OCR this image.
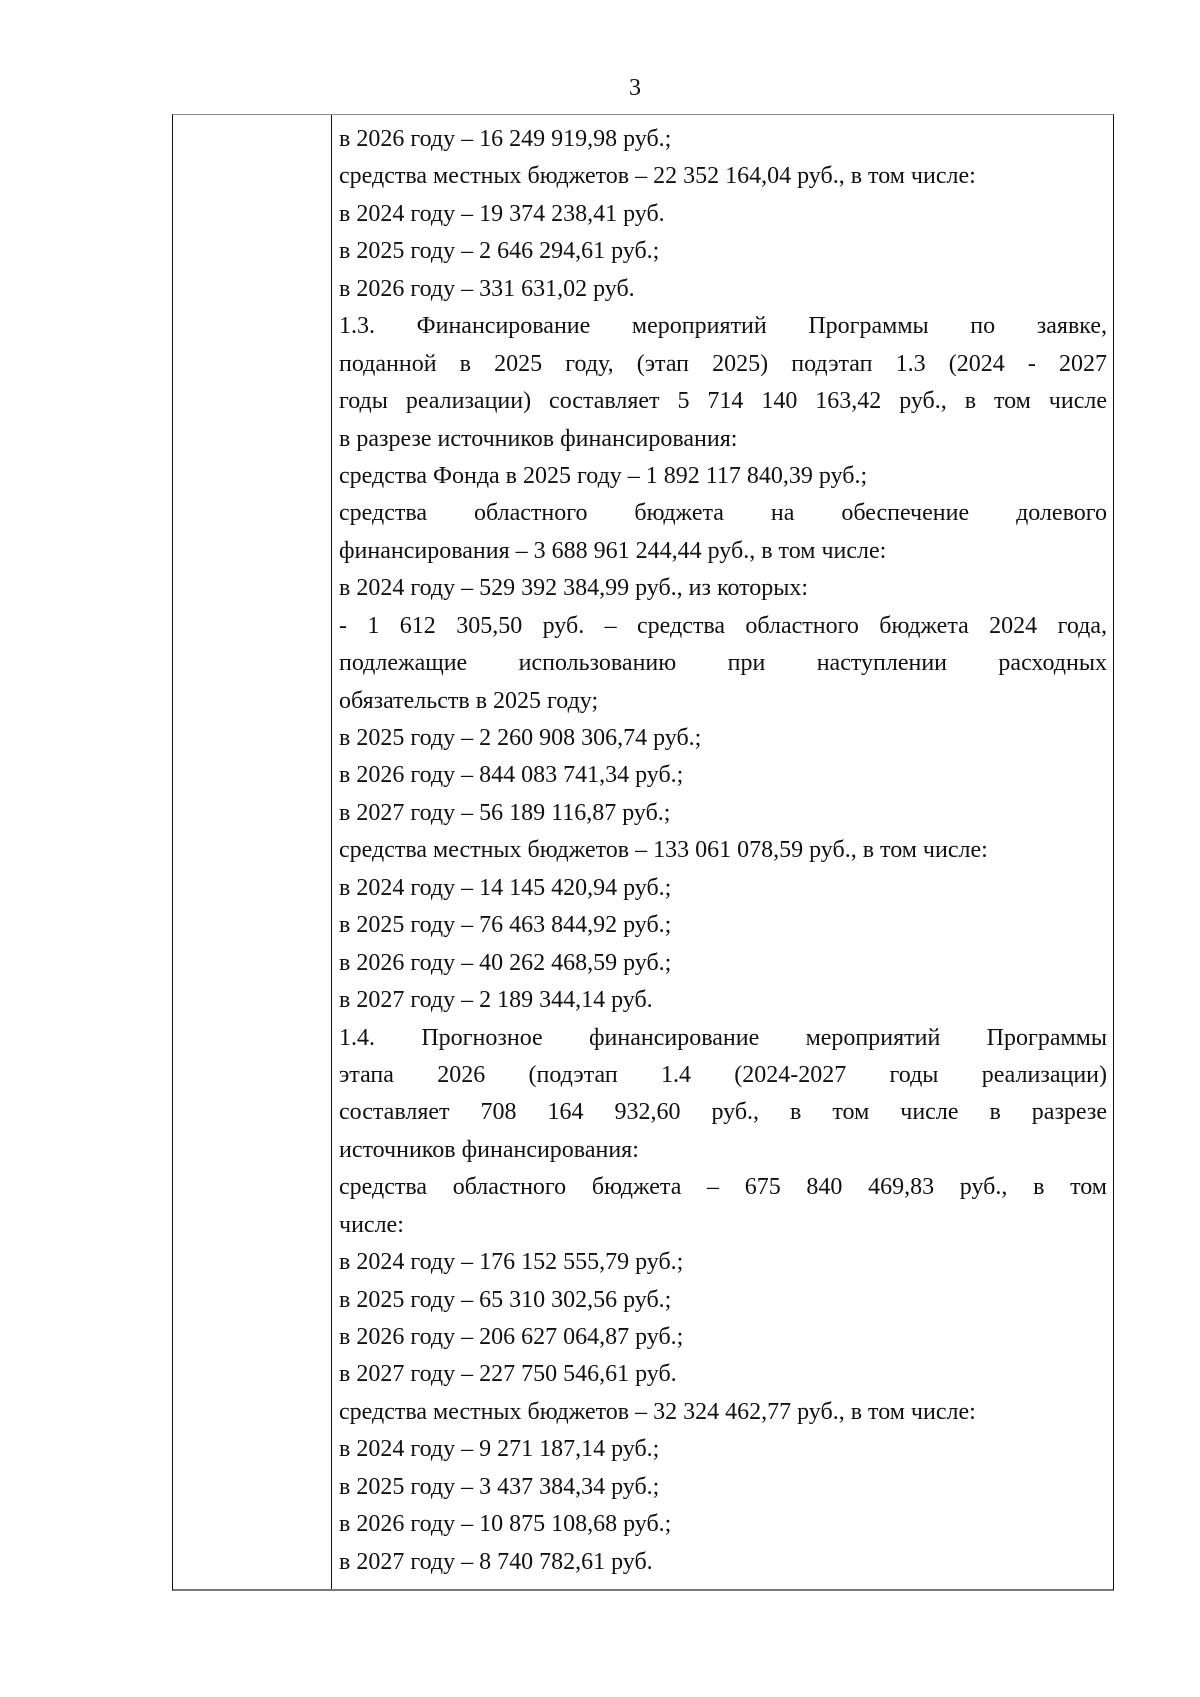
3
в 2026 году – 16 249 919,98 руб.;
средства местных бюджетов – 22 352 164,04 руб., в том числе:
в 2024 году – 19 374 238,41 руб.
в 2025 году – 2 646 294,61 руб.;
в 2026 году – 331 631,02 руб.
1.3. Финансирование мероприятий Программы по заявке,
поданной в 2025 году, (этап 2025) подэтап 1.3 (2024 - 2027
годы реализации) составляет 5 714 140 163,42 руб., в том числе
в разрезе источников финансирования:
средства Фонда в 2025 году – 1 892 117 840,39 руб.;
средства областного бюджета на обеспечение долевого
финансирования – 3 688 961 244,44 руб., в том числе:
в 2024 году – 529 392 384,99 руб., из которых:
- 1 612 305,50 руб. – средства областного бюджета 2024 года,
подлежащие использованию при наступлении расходных
обязательств в 2025 году;
в 2025 году – 2 260 908 306,74 руб.;
в 2026 году – 844 083 741,34 руб.;
в 2027 году – 56 189 116,87 руб.;
средства местных бюджетов – 133 061 078,59 руб., в том числе:
в 2024 году – 14 145 420,94 руб.;
в 2025 году – 76 463 844,92 руб.;
в 2026 году – 40 262 468,59 руб.;
в 2027 году – 2 189 344,14 руб.
1.4. Прогнозное финансирование мероприятий Программы
этапа 2026 (подэтап 1.4 (2024-2027 годы реализации)
составляет 708 164 932,60 руб., в том числе в разрезе
источников финансирования:
средства областного бюджета – 675 840 469,83 руб., в том
числе:
в 2024 году – 176 152 555,79 руб.;
в 2025 году – 65 310 302,56 руб.;
в 2026 году – 206 627 064,87 руб.;
в 2027 году – 227 750 546,61 руб.
средства местных бюджетов – 32 324 462,77 руб., в том числе:
в 2024 году – 9 271 187,14 руб.;
в 2025 году – 3 437 384,34 руб.;
в 2026 году – 10 875 108,68 руб.;
в 2027 году – 8 740 782,61 руб.
